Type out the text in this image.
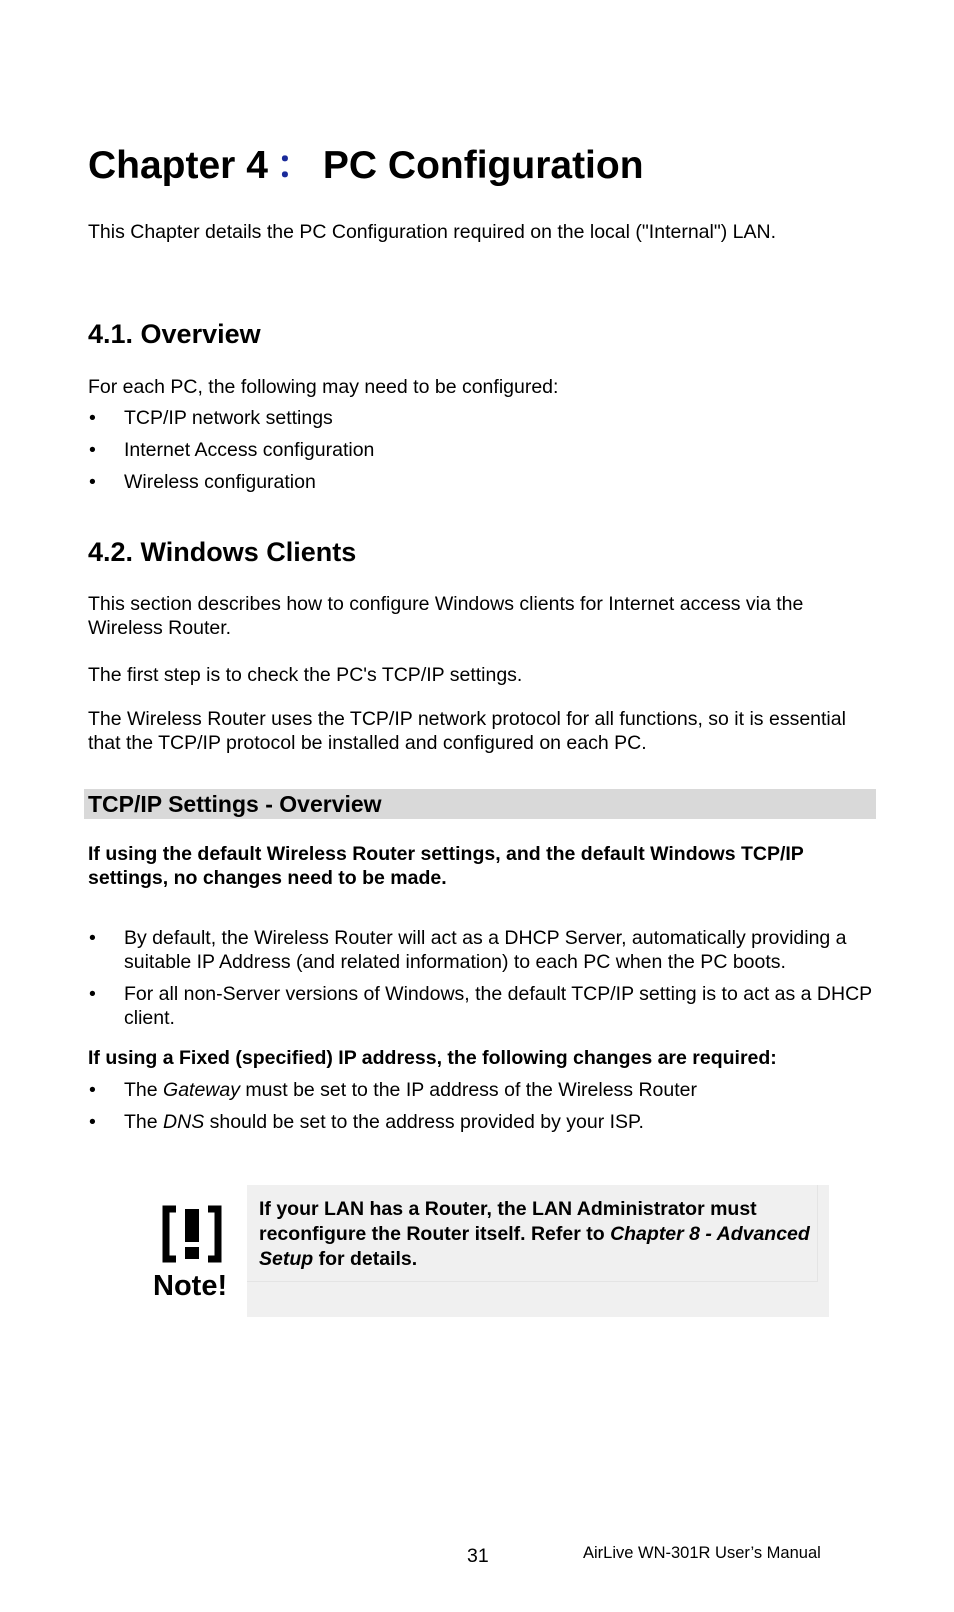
Chapter 4 ： PC Configuration

This Chapter details the PC Configuration required on the local ("Internal") LAN.

4.1. Overview

For each PC, the following may need to be configured:

• TCP/IP network settings
• Internet Access configuration
• Wireless configuration
4.2. Windows Clients

This section describes how to configure Windows clients for Internet access via the Wireless Router.

The first step is to check the PC's TCP/IP settings.

The Wireless Router uses the TCP/IP network protocol for all functions, so it is essential that the TCP/IP protocol be installed and configured on each PC.

TCP/IP Settings - Overview

If using the default Wireless Router settings, and the default Windows TCP/IP settings, no changes need to be made.

• By default, the Wireless Router will act as a DHCP Server, automatically providing a suitable IP Address (and related information) to each PC when the PC boots.
• For all non-Server versions of Windows, the default TCP/IP setting is to act as a DHCP client.

If using a Fixed (specified) IP address, the following changes are required:

• The Gateway must be set to the IP address of the Wireless Router
• The DNS should be set to the address provided by your ISP.
Note!
If your LAN has a Router, the LAN Administrator must reconfigure the Router itself. Refer to Chapter 8 - Advanced Setup for details.
31	AirLive WN-301R User’s Manual
